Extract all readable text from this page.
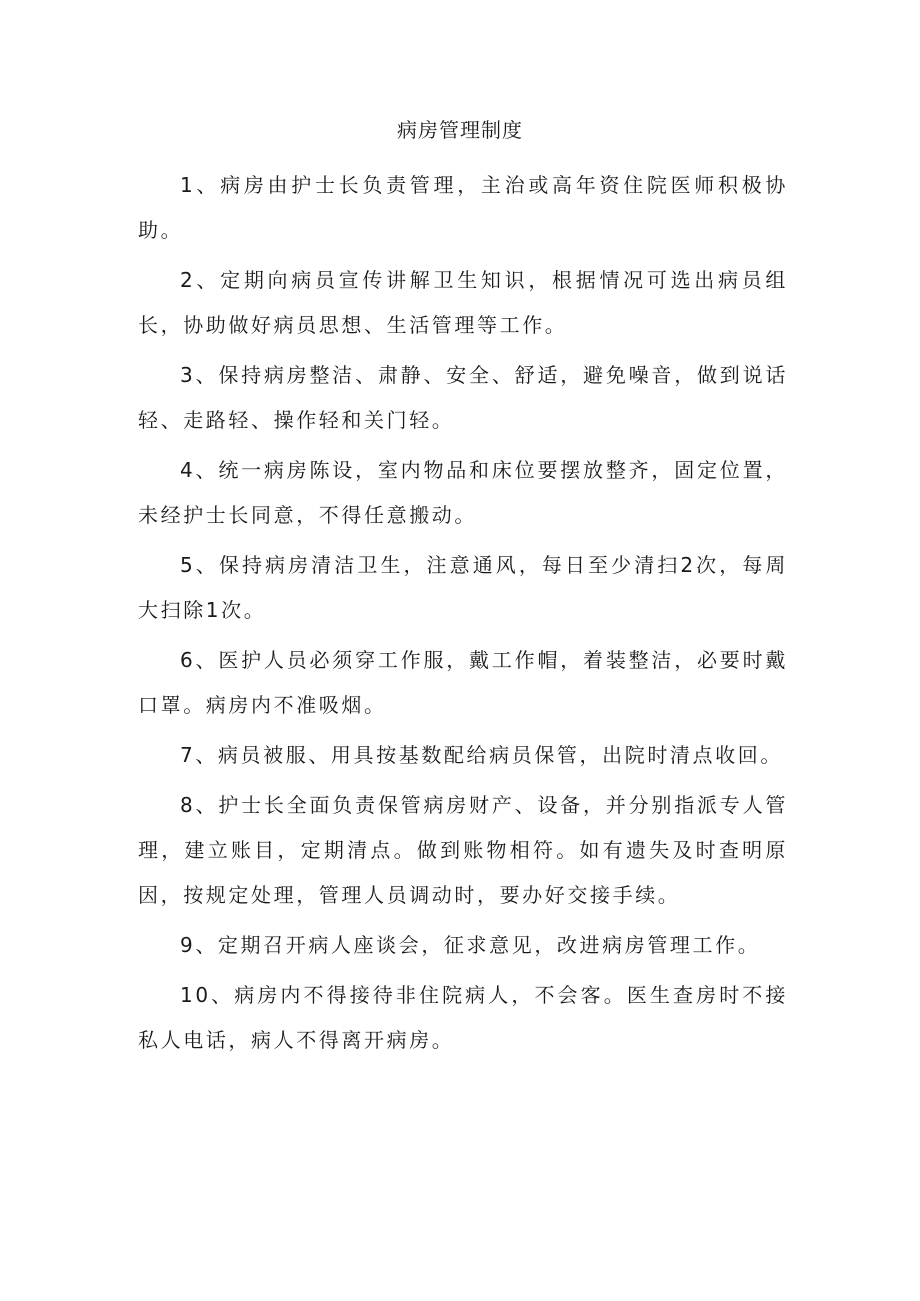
病房管理制度

1、病房由护士长负责管理，主治或高年资住院医师积极协助。

2、定期向病员宣传讲解卫生知识，根据情况可选出病员组长，协助做好病员思想、生活管理等工作。

3、保持病房整洁、肃静、安全、舒适，避免噪音，做到说话轻、走路轻、操作轻和关门轻。

4、统一病房陈设，室内物品和床位要摆放整齐，固定位置，未经护士长同意，不得任意搬动。

5、保持病房清洁卫生，注意通风，每日至少清扫2次，每周大扫除1次。

6、医护人员必须穿工作服，戴工作帽，着装整洁，必要时戴口罩。病房内不准吸烟。

7、病员被服、用具按基数配给病员保管，出院时清点收回。

8、护士长全面负责保管病房财产、设备，并分别指派专人管理，建立账目，定期清点。做到账物相符。如有遗失及时查明原因，按规定处理，管理人员调动时，要办好交接手续。

9、定期召开病人座谈会，征求意见，改进病房管理工作。

10、病房内不得接待非住院病人，不会客。医生查房时不接私人电话，病人不得离开病房。
